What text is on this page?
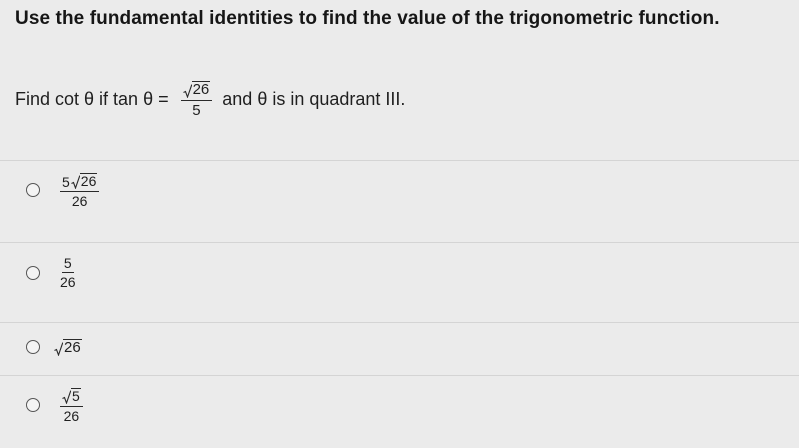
Use the fundamental identities to find the value of the trigonometric function.
Find cot θ if $\tan \theta = \frac{26}{5}$ and θ is in quadrant III.
$\frac{5 26}{26}$
$\frac{5}{26}$
26
$\frac{5}{26}$
